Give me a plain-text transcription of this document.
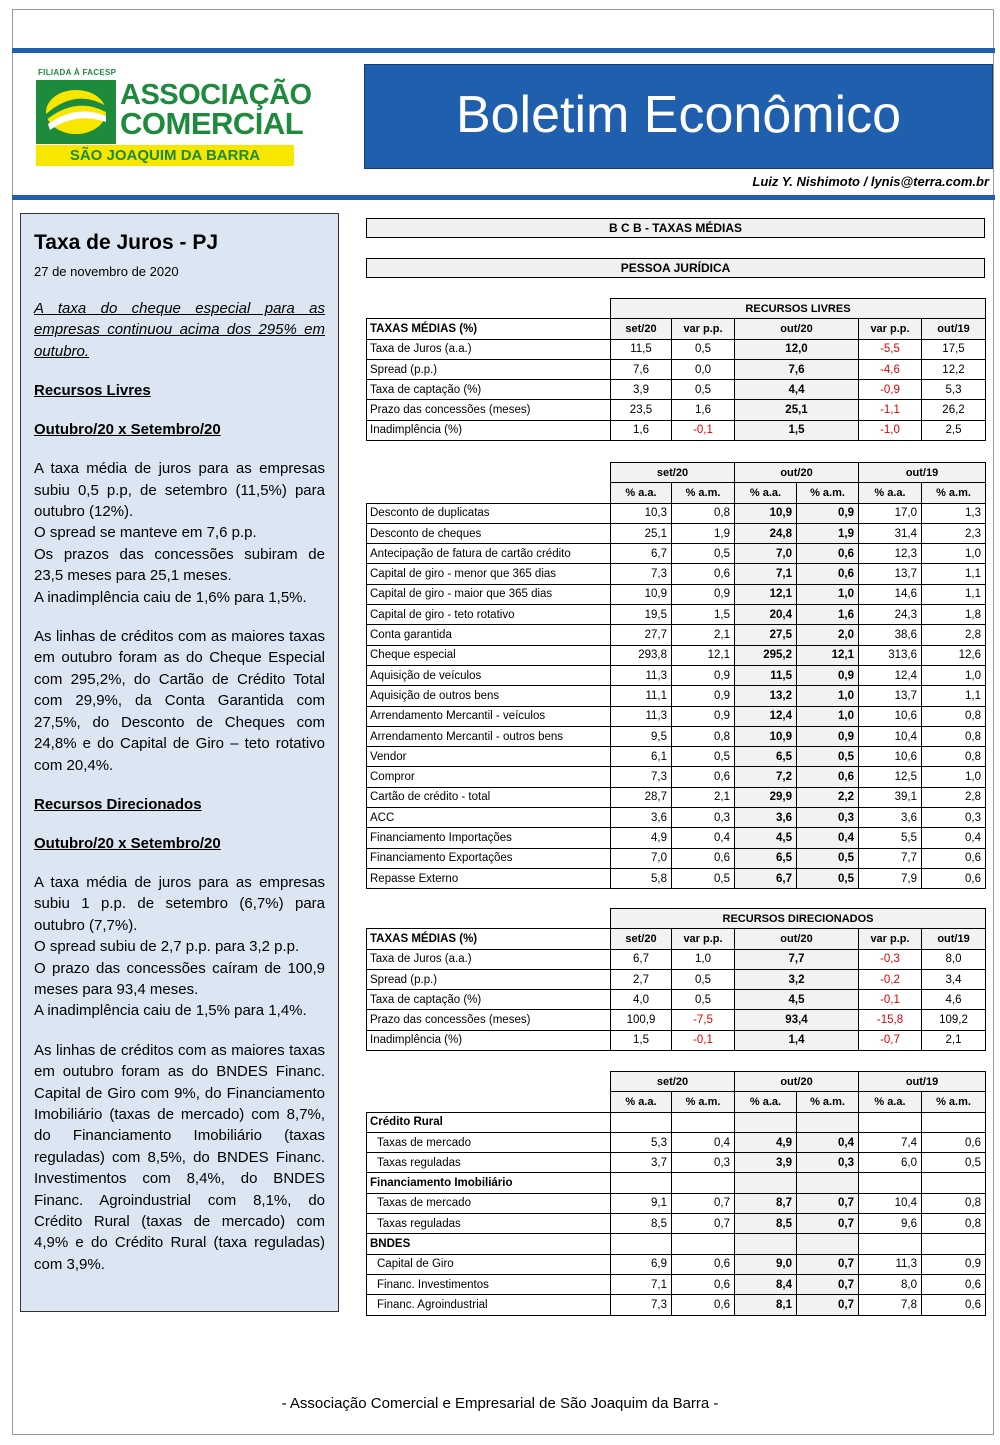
FILIADA À FACESP
ASSOCIAÇÃO
COMERCIAL
SÃO JOAQUIM DA BARRA
Boletim Econômico
Luiz Y. Nishimoto / lynis@terra.com.br
Taxa de Juros - PJ
27 de novembro de 2020
A taxa do cheque especial para as empresas continuou acima dos 295% em outubro.
Recursos Livres
Outubro/20 x Setembro/20
A taxa média de juros para as empresas subiu 0,5 p.p, de setembro (11,5%) para outubro (12%).
O spread se manteve em 7,6 p.p.
Os prazos das concessões subiram de 23,5 meses para 25,1 meses.
A inadimplência caiu de 1,6% para 1,5%.
As linhas de créditos com as maiores taxas em outubro foram as do Cheque Especial com 295,2%, do Cartão de Crédito Total com 29,9%, da Conta Garantida com 27,5%, do Desconto de Cheques com 24,8% e do Capital de Giro – teto rotativo com 20,4%.
Recursos Direcionados
Outubro/20 x Setembro/20
A taxa média de juros para as empresas subiu 1 p.p. de setembro (6,7%) para outubro (7,7%).
O spread subiu de 2,7 p.p. para 3,2 p.p.
O prazo das concessões caíram de 100,9 meses para 93,4 meses.
A inadimplência caiu de 1,5% para 1,4%.
As linhas de créditos com as maiores taxas em outubro foram as do BNDES Financ. Capital de Giro com 9%, do Financiamento Imobiliário (taxas de mercado) com 8,7%, do Financiamento Imobiliário (taxas reguladas) com 8,5%, do BNDES Financ. Investimentos com 8,4%, do BNDES Financ. Agroindustrial com 8,1%, do Crédito Rural (taxas de mercado) com 4,9% e do Crédito Rural (taxa reguladas) com 3,9%.
B C B - TAXAS MÉDIAS
PESSOA JURÍDICA
	RECURSOS LIVRES				
TAXAS MÉDIAS (%)	set/20	var p.p.	out/20	var p.p.	out/19
Taxa de Juros (a.a.)	11,5	0,5	12,0	-5,5	17,5
Spread (p.p.)	7,6	0,0	7,6	-4,6	12,2
Taxa de captação (%)	3,9	0,5	4,4	-0,9	5,3
Prazo das concessões (meses)	23,5	1,6	25,1	-1,1	26,2
Inadimplência (%)	1,6	-0,1	1,5	-1,0	2,5
	set/20		out/20		out/19	
	% a.a.	% a.m.	% a.a.	% a.m.	% a.a.	% a.m.
Desconto de duplicatas	10,3	0,8	10,9	0,9	17,0	1,3
Desconto de cheques	25,1	1,9	24,8	1,9	31,4	2,3
Antecipação de fatura de cartão crédito	6,7	0,5	7,0	0,6	12,3	1,0
Capital de giro - menor que 365 dias	7,3	0,6	7,1	0,6	13,7	1,1
Capital de giro - maior que 365 dias	10,9	0,9	12,1	1,0	14,6	1,1
Capital de giro - teto rotativo	19,5	1,5	20,4	1,6	24,3	1,8
Conta garantida	27,7	2,1	27,5	2,0	38,6	2,8
Cheque especial	293,8	12,1	295,2	12,1	313,6	12,6
Aquisição de veículos	11,3	0,9	11,5	0,9	12,4	1,0
Aquisição de outros bens	11,1	0,9	13,2	1,0	13,7	1,1
Arrendamento Mercantil - veículos	11,3	0,9	12,4	1,0	10,6	0,8
Arrendamento Mercantil - outros bens	9,5	0,8	10,9	0,9	10,4	0,8
Vendor	6,1	0,5	6,5	0,5	10,6	0,8
Compror	7,3	0,6	7,2	0,6	12,5	1,0
Cartão de crédito - total	28,7	2,1	29,9	2,2	39,1	2,8
ACC	3,6	0,3	3,6	0,3	3,6	0,3
Financiamento Importações	4,9	0,4	4,5	0,4	5,5	0,4
Financiamento Exportações	7,0	0,6	6,5	0,5	7,7	0,6
Repasse Externo	5,8	0,5	6,7	0,5	7,9	0,6
	RECURSOS DIRECIONADOS				
TAXAS MÉDIAS (%)	set/20	var p.p.	out/20	var p.p.	out/19
Taxa de Juros (a.a.)	6,7	1,0	7,7	-0,3	8,0
Spread (p.p.)	2,7	0,5	3,2	-0,2	3,4
Taxa de captação (%)	4,0	0,5	4,5	-0,1	4,6
Prazo das concessões (meses)	100,9	-7,5	93,4	-15,8	109,2
Inadimplência (%)	1,5	-0,1	1,4	-0,7	2,1
	set/20		out/20		out/19	
	% a.a.	% a.m.	% a.a.	% a.m.	% a.a.	% a.m.
Crédito Rural						
Taxas de mercado	5,3	0,4	4,9	0,4	7,4	0,6
Taxas reguladas	3,7	0,3	3,9	0,3	6,0	0,5
Financiamento Imobiliário						
Taxas de mercado	9,1	0,7	8,7	0,7	10,4	0,8
Taxas reguladas	8,5	0,7	8,5	0,7	9,6	0,8
BNDES						
Capital de Giro	6,9	0,6	9,0	0,7	11,3	0,9
Financ. Investimentos	7,1	0,6	8,4	0,7	8,0	0,6
Financ. Agroindustrial	7,3	0,6	8,1	0,7	7,8	0,6
- Associação Comercial e Empresarial de São Joaquim da Barra -
